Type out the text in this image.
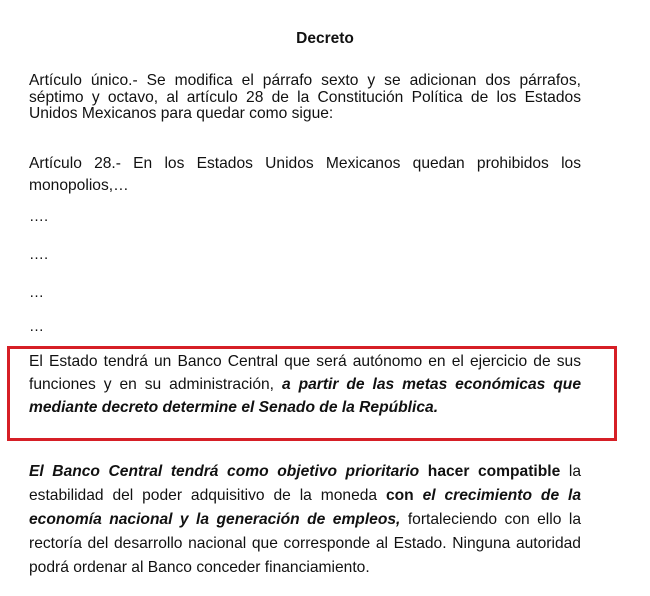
Decreto

Artículo único.- Se modifica el párrafo sexto y se adicionan dos párrafos, séptimo y octavo, al artículo 28 de la Constitución Política de los Estados Unidos Mexicanos para quedar como sigue:

Artículo 28.- En los Estados Unidos Mexicanos quedan prohibidos los monopolios,…

….
….
…
…

El Estado tendrá un Banco Central que será autónomo en el ejercicio de sus funciones y en su administración, a partir de las metas económicas que mediante decreto determine el Senado de la República.

El Banco Central tendrá como objetivo prioritario hacer compatible la estabilidad del poder adquisitivo de la moneda con el crecimiento de la economía nacional y la generación de empleos, fortaleciendo con ello la rectoría del desarrollo nacional que corresponde al Estado. Ninguna autoridad podrá ordenar al Banco conceder financiamiento.
